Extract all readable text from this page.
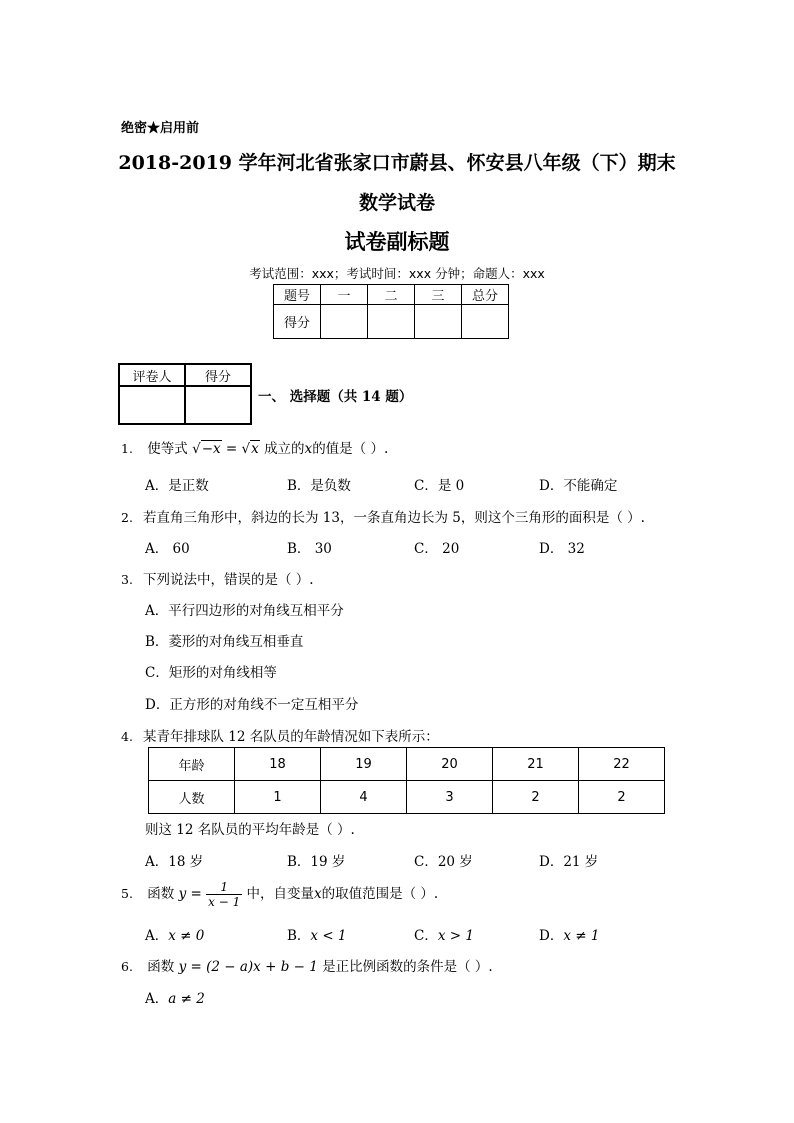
绝密★启用前
2018-2019 学年河北省张家口市蔚县、怀安县八年级（下）期末
数学试卷
试卷副标题
考试范围：xxx；考试时间：xxx 分钟；命题人：xxx
题号	一	二	三	总分
得分				
评卷人	得分

一、 选择题（共 14 题）
1. 使等式 √−x = √x 成立的x的值是（ ）.
A．是正数	B．是负数	C．是 0	D．不能确定
2. 若直角三角形中，斜边的长为 13，一条直角边长为 5，则这个三角形的面积是（ ）.
A． 60	B． 30	C． 20	D． 32
3. 下列说法中，错误的是（ ）.
A．平行四边形的对角线互相平分
B．菱形的对角线互相垂直
C．矩形的对角线相等
D．正方形的对角线不一定互相平分
4. 某青年排球队 12 名队员的年龄情况如下表所示：
年龄	18	19	20	21	22
人数	1	4	3	2	2
则这 12 名队员的平均年龄是（ ）.
A．18 岁	B．19 岁	C．20 岁	D．21 岁
5. 函数 $y = \frac{1}{x - 1}$ 中，自变量x的取值范围是（ ）.
A．x ≠ 0	B．x < 1	C．x > 1	D．x ≠ 1
6. 函数 y = (2 − a)x + b − 1 是正比例函数的条件是（ ）.
A．a ≠ 2
